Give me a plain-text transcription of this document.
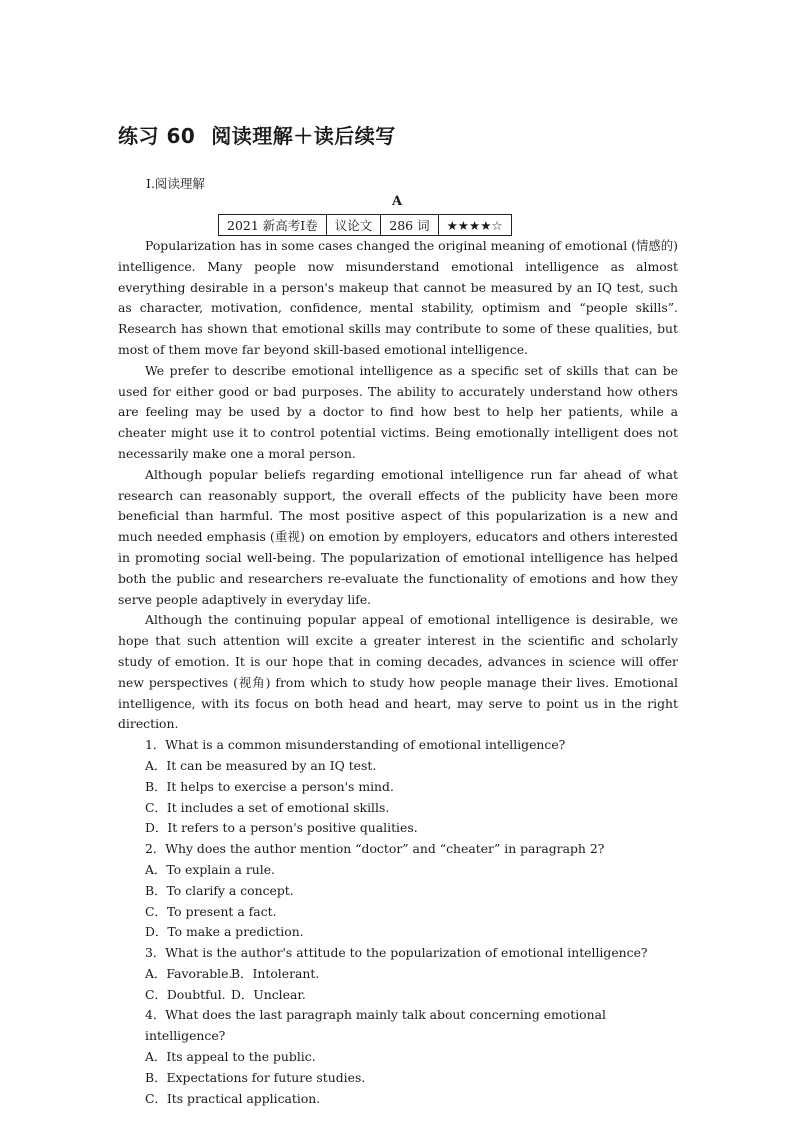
练习 60 阅读理解＋读后续写
Ⅰ.阅读理解
A
2021 新高考Ⅰ卷	议论文	286 词	★★★★☆

Popularization has in some cases changed the original meaning of emotional (情感的) intelligence. Many people now misunderstand emotional intelligence as almost everything desirable in a person's makeup that cannot be measured by an IQ test, such as character, motivation, confidence, mental stability, optimism and “people skills”. Research has shown that emotional skills may contribute to some of these qualities, but most of them move far beyond skill-based emotional intelligence.

We prefer to describe emotional intelligence as a specific set of skills that can be used for either good or bad purposes. The ability to accurately understand how others are feeling may be used by a doctor to find how best to help her patients, while a cheater might use it to control potential victims. Being emotionally intelligent does not necessarily make one a moral person.

Although popular beliefs regarding emotional intelligence run far ahead of what research can reasonably support, the overall effects of the publicity have been more beneficial than harmful. The most positive aspect of this popularization is a new and much needed emphasis (重视) on emotion by employers, educators and others interested in promoting social well-being. The popularization of emotional intelligence has helped both the public and researchers re-evaluate the functionality of emotions and how they serve people adaptively in everyday life.

Although the continuing popular appeal of emotional intelligence is desirable, we hope that such attention will excite a greater interest in the scientific and scholarly study of emotion. It is our hope that in coming decades, advances in science will offer new perspectives (视角) from which to study how people manage their lives. Emotional intelligence, with its focus on both head and heart, may serve to point us in the right direction.

1．What is a common misunderstanding of emotional intelligence?
A．It can be measured by an IQ test.
B．It helps to exercise a person's mind.
C．It includes a set of emotional skills.
D．It refers to a person's positive qualities.
2．Why does the author mention “doctor” and “cheater” in paragraph 2?
A．To explain a rule.
B．To clarify a concept.
C．To present a fact.
D．To make a prediction.
3．What is the author's attitude to the popularization of emotional intelligence?
A．Favorable.B．Intolerant.
C．Doubtful. D．Unclear.
4．What does the last paragraph mainly talk about concerning emotional intelligence?
A．Its appeal to the public.
B．Expectations for future studies.
C．Its practical application.
